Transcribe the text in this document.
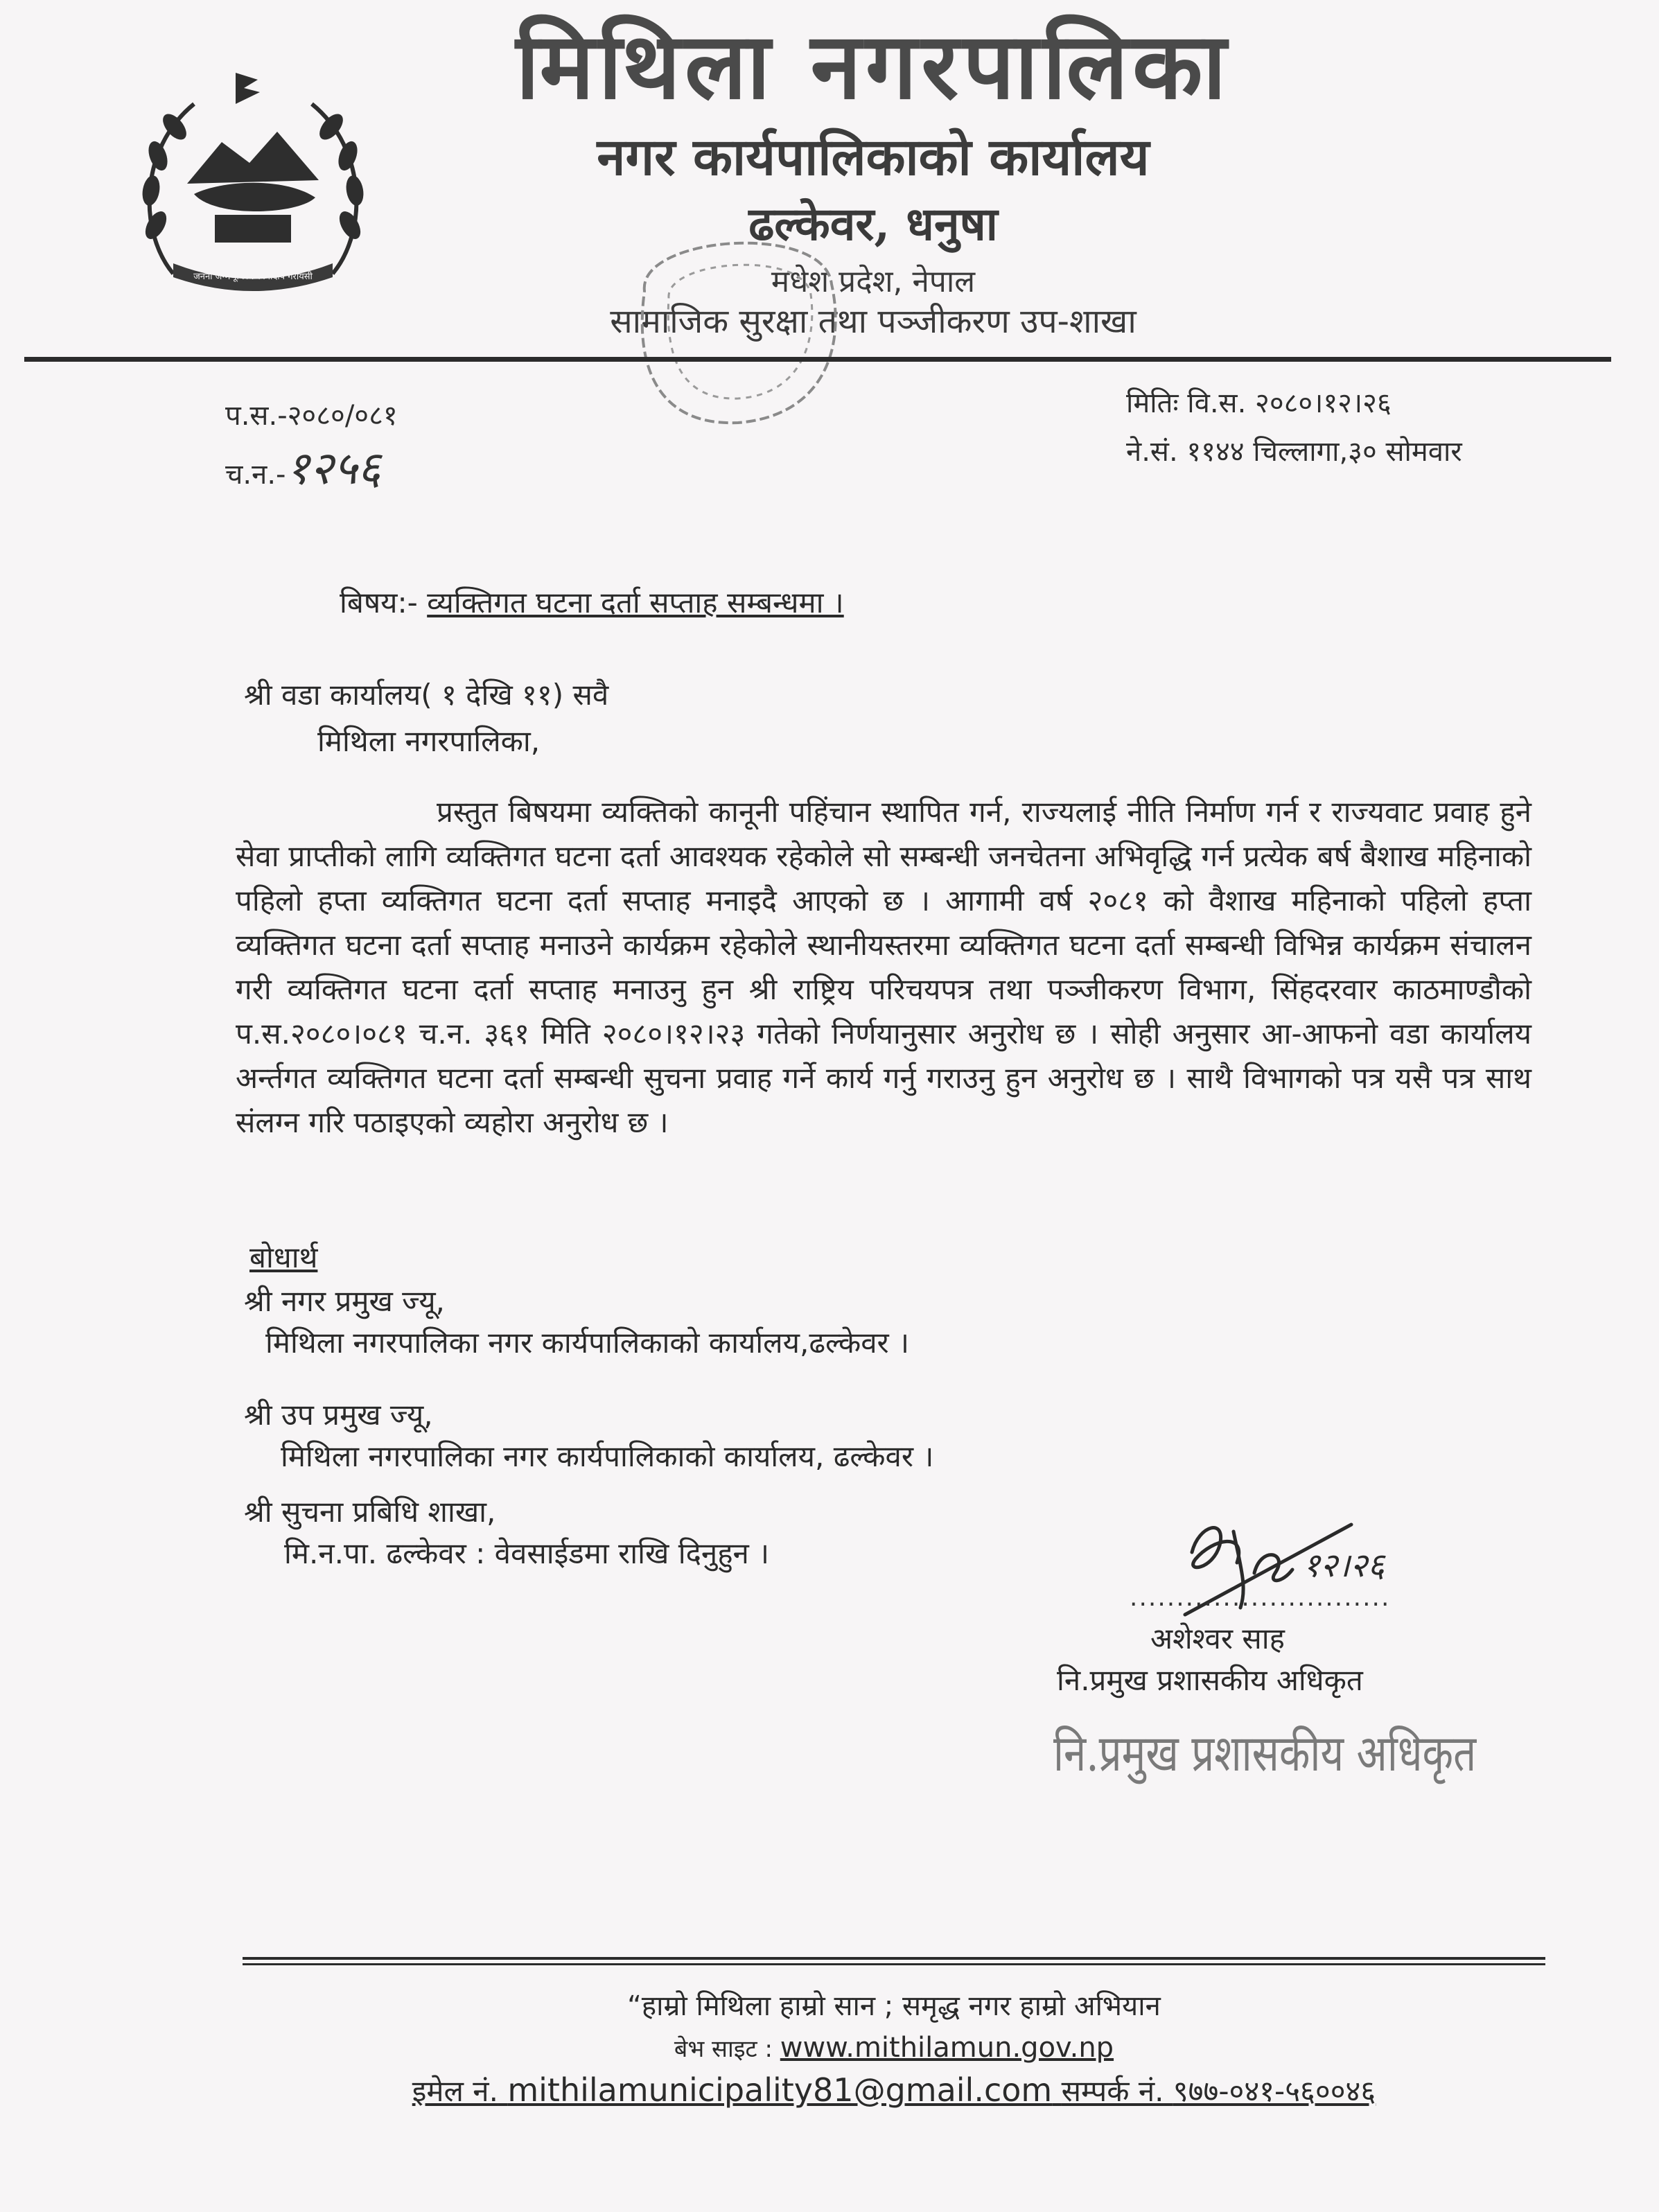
जननी जन्मभूमिश्च स्वर्गादपि गरीयसी
मिथिला नगरपालिका
नगर कार्यपालिकाको कार्यालय
ढल्केवर, धनुषा
मधेश प्रदेश, नेपाल
सामाजिक सुरक्षा तथा पञ्जीकरण उप-शाखा
प.स.-२०८०/०८१
च.न.-१२५६
मितिः वि.स. २०८०।१२।२६
ने.सं. ११४४ चिल्लागा,३० सोमवार
बिषय:- व्यक्तिगत घटना दर्ता सप्ताह सम्बन्धमा ।
श्री वडा कार्यालय( १ देखि ११) सवै
मिथिला नगरपालिका,
प्रस्तुत बिषयमा व्यक्तिको कानूनी पहिंचान स्थापित गर्न, राज्यलाई नीति निर्माण गर्न र राज्यवाट प्रवाह हुने सेवा प्राप्तीको लागि व्यक्तिगत घटना दर्ता आवश्यक रहेकोले सो सम्बन्धी जनचेतना अभिवृद्धि गर्न प्रत्येक बर्ष बैशाख महिनाको पहिलो हप्ता व्यक्तिगत घटना दर्ता सप्ताह मनाइदै आएको छ । आगामी वर्ष २०८१ को वैशाख महिनाको पहिलो हप्ता व्यक्तिगत घटना दर्ता सप्ताह मनाउने कार्यक्रम रहेकोले स्थानीयस्तरमा व्यक्तिगत घटना दर्ता सम्बन्धी विभिन्न कार्यक्रम संचालन गरी व्यक्तिगत घटना दर्ता सप्ताह मनाउनु हुन श्री राष्ट्रिय परिचयपत्र तथा पञ्जीकरण विभाग, सिंहदरवार काठमाण्डौको प.स.२०८०।०८१ च.न. ३६१ मिति २०८०।१२।२३ गतेको निर्णयानुसार अनुरोध छ । सोही अनुसार आ-आफनो वडा कार्यालय अर्न्तगत व्यक्तिगत घटना दर्ता सम्बन्धी सुचना प्रवाह गर्ने कार्य गर्नु गराउनु हुन अनुरोध छ । साथै विभागको पत्र यसै पत्र साथ संलग्न गरि पठाइएको व्यहोरा अनुरोध छ ।
बोधार्थ
श्री नगर प्रमुख ज्यू,
मिथिला नगरपालिका नगर कार्यपालिकाको कार्यालय,ढल्केवर ।
श्री उप प्रमुख ज्यू,
मिथिला नगरपालिका नगर कार्यपालिकाको कार्यालय, ढल्केवर ।
श्री सुचना प्रबिधि शाखा,
मि.न.पा. ढल्केवर : वेवसाईडमा राखि दिनुहुन ।	१२।२६
............................
अशेश्वर साह
नि.प्रमुख प्रशासकीय अधिकृत
नि.प्रमुख प्रशासकीय अधिकृत
“हाम्रो मिथिला हाम्रो सान ; समृद्ध नगर हाम्रो अभियान
बेभ साइट : www.mithilamun.gov.np
इमेल नं. mithilamunicipality81@gmail.com सम्पर्क नं. ९७७-०४१-५६००४६
